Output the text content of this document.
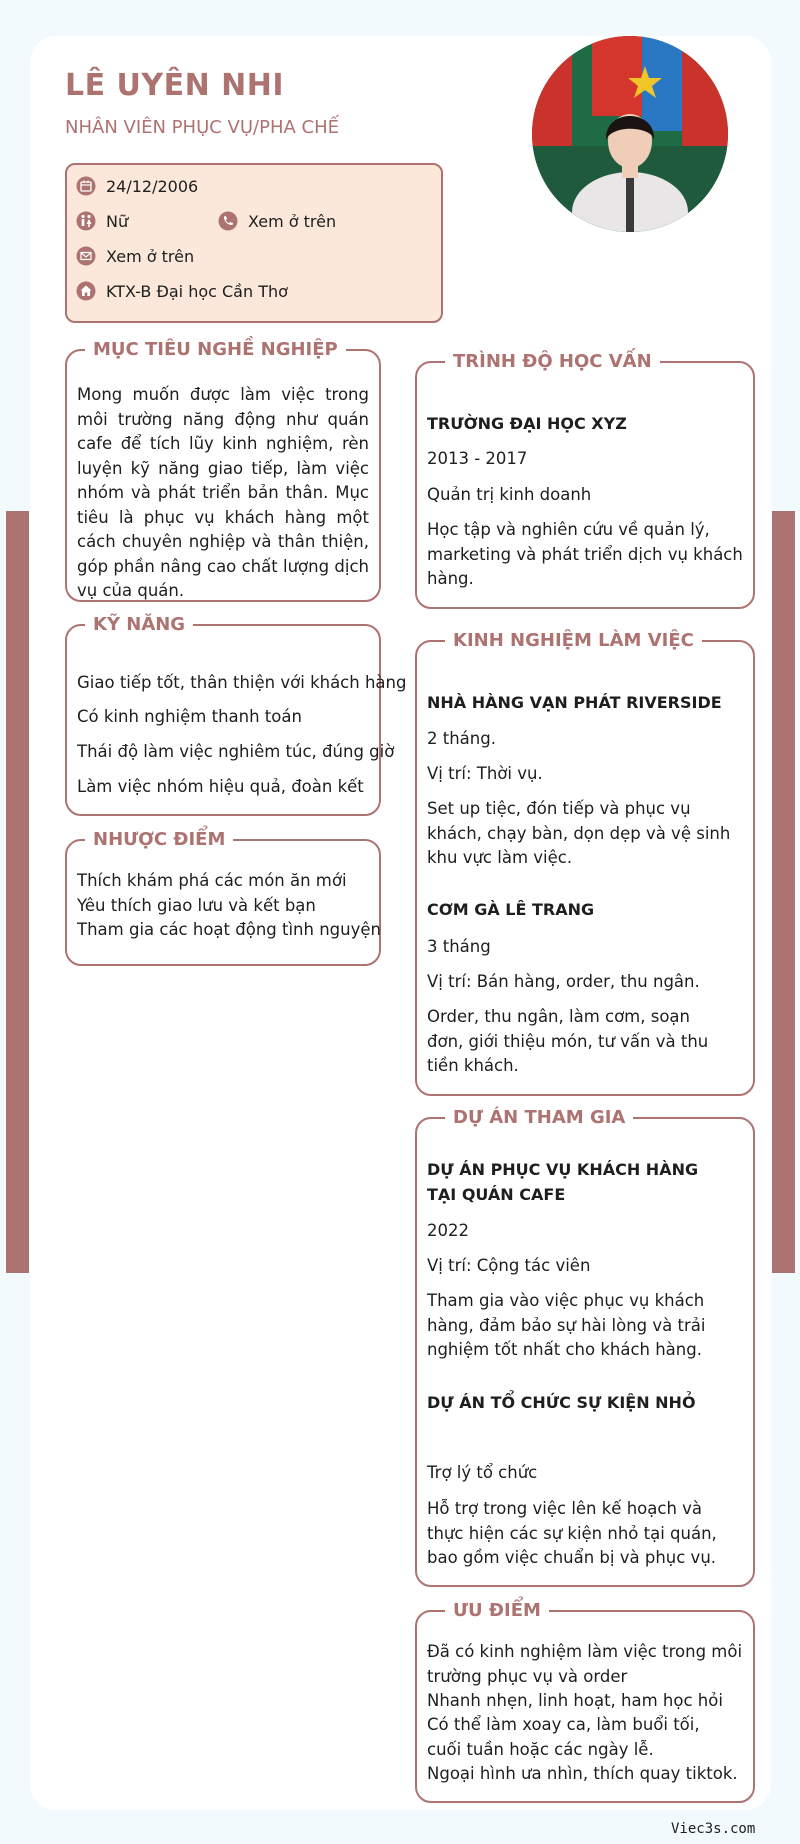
LÊ UYÊN NHI
NHÂN VIÊN PHỤC VỤ/PHA CHẾ
24/12/2006
Nữ	Xem ở trên
Xem ở trên
KTX-B Đại học Cần Thơ
MỤC TIÊU NGHỀ NGHIỆP
Mong muốn được làm việc trong môi trường năng động như quán cafe để tích lũy kinh nghiệm, rèn luyện kỹ năng giao tiếp, làm việc nhóm và phát triển bản thân. Mục tiêu là phục vụ khách hàng một cách chuyên nghiệp và thân thiện, góp phần nâng cao chất lượng dịch vụ của quán.
KỸ NĂNG
Giao tiếp tốt, thân thiện với khách hàng
Có kinh nghiệm thanh toán
Thái độ làm việc nghiêm túc, đúng giờ
Làm việc nhóm hiệu quả, đoàn kết
NHƯỢC ĐIỂM
Thích khám phá các món ăn mới
Yêu thích giao lưu và kết bạn
Tham gia các hoạt động tình nguyện
TRÌNH ĐỘ HỌC VẤN
TRƯỜNG ĐẠI HỌC XYZ
2013 - 2017
Quản trị kinh doanh
Học tập và nghiên cứu về quản lý, marketing và phát triển dịch vụ khách hàng.
KINH NGHIỆM LÀM VIỆC
NHÀ HÀNG VẠN PHÁT RIVERSIDE
2 tháng.
Vị trí: Thời vụ.
Set up tiệc, đón tiếp và phục vụ khách, chạy bàn, dọn dẹp và vệ sinh khu vực làm việc.
CƠM GÀ LÊ TRANG
3 tháng
Vị trí: Bán hàng, order, thu ngân.
Order, thu ngân, làm cơm, soạn đơn, giới thiệu món, tư vấn và thu tiền khách.
DỰ ÁN THAM GIA
DỰ ÁN PHỤC VỤ KHÁCH HÀNG TẠI QUÁN CAFE
2022
Vị trí: Cộng tác viên
Tham gia vào việc phục vụ khách hàng, đảm bảo sự hài lòng và trải nghiệm tốt nhất cho khách hàng.
DỰ ÁN TỔ CHỨC SỰ KIỆN NHỎ
Trợ lý tổ chức
Hỗ trợ trong việc lên kế hoạch và thực hiện các sự kiện nhỏ tại quán, bao gồm việc chuẩn bị và phục vụ.
ƯU ĐIỂM
Đã có kinh nghiệm làm việc trong môi trường phục vụ và order
Nhanh nhẹn, linh hoạt, ham học hỏi
Có thể làm xoay ca, làm buổi tối, cuối tuần hoặc các ngày lễ.
Ngoại hình ưa nhìn, thích quay tiktok.
Viec3s.com
